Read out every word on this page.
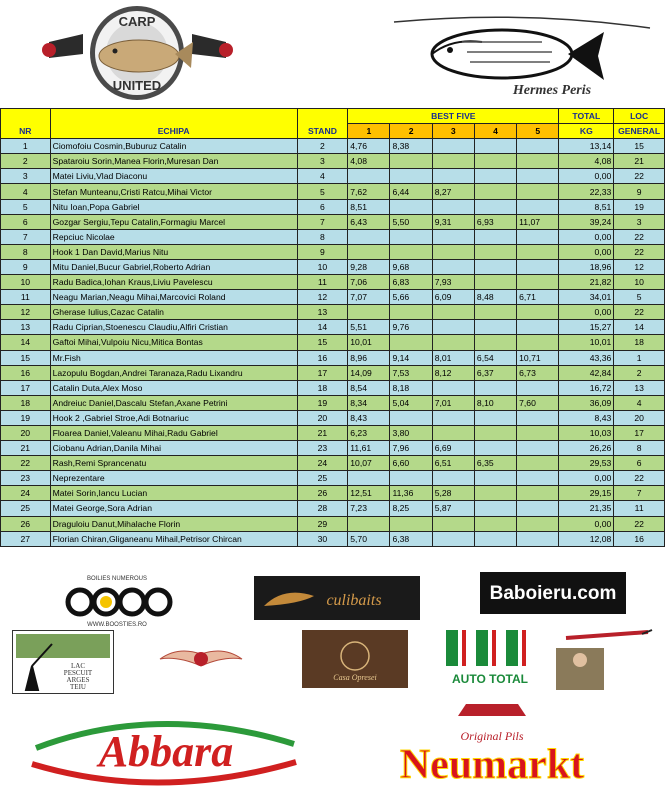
CARP
UNITED	Hermes Peris
NR	ECHIPA	STAND	BEST FIVE					TOTAL	LOC
			1	2	3	4	5	KG	GENERAL
1	Ciomofoiu Cosmin,Buburuz Catalin	2	4,76	8,38				13,14	15
2	Spataroiu Sorin,Manea Florin,Muresan Dan	3	4,08					4,08	21
3	Matei Liviu,Vlad Diaconu	4						0,00	22
4	Stefan Munteanu,Cristi Ratcu,Mihai Victor	5	7,62	6,44	8,27			22,33	9
5	Nitu Ioan,Popa Gabriel	6	8,51					8,51	19
6	Gozgar Sergiu,Tepu Catalin,Formagiu Marcel	7	6,43	5,50	9,31	6,93	11,07	39,24	3
7	Repciuc Nicolae	8						0,00	22
8	Hook 1 Dan David,Marius Nitu	9						0,00	22
9	Mitu Daniel,Bucur Gabriel,Roberto Adrian	10	9,28	9,68				18,96	12
10	Radu Badica,Iohan Kraus,Liviu Pavelescu	11	7,06	6,83	7,93			21,82	10
11	Neagu Marian,Neagu Mihai,Marcovici Roland	12	7,07	5,66	6,09	8,48	6,71	34,01	5
12	Gherase Iulius,Cazac Catalin	13						0,00	22
13	Radu Ciprian,Stoenescu Claudiu,Alfiri Cristian	14	5,51	9,76				15,27	14
14	Gaftoi Mihai,Vulpoiu Nicu,Mitica Bontas	15	10,01					10,01	18
15	Mr.Fish	16	8,96	9,14	8,01	6,54	10,71	43,36	1
16	Lazopulu Bogdan,Andrei Taranaza,Radu Lixandru	17	14,09	7,53	8,12	6,37	6,73	42,84	2
17	Catalin Duta,Alex Moso	18	8,54	8,18				16,72	13
18	Andreiuc Daniel,Dascalu Stefan,Axane Petrini	19	8,34	5,04	7,01	8,10	7,60	36,09	4
19	Hook 2 ,Gabriel Stroe,Adi Botnariuc	20	8,43					8,43	20
20	Floarea Daniel,Valeanu Mihai,Radu Gabriel	21	6,23	3,80				10,03	17
21	Ciobanu Adrian,Danila Mihai	23	11,61	7,96	6,69			26,26	8
22	Rash,Remi Sprancenatu	24	10,07	6,60	6,51	6,35		29,53	6
23	Neprezentare	25						0,00	22
24	Matei Sorin,Iancu Lucian	26	12,51	11,36	5,28			29,15	7
25	Matei George,Sora Adrian	28	7,23	8,25	5,87			21,35	11
26	Draguloiu Danut,Mihalache Florin	29						0,00	22
27	Florian Chiran,Gliganeanu Mihail,Petrisor Chircan	30	5,70	6,38				12,08	16
BOILIES NUMEROUS
WWW.BOOSTIES.RO
culibaits	Baboieru.com
LAC
PESCUIT
ARGES
TEIU
Casa Opresei	AUTO TOTAL
Abbara	Original Pils
Neumarkt
